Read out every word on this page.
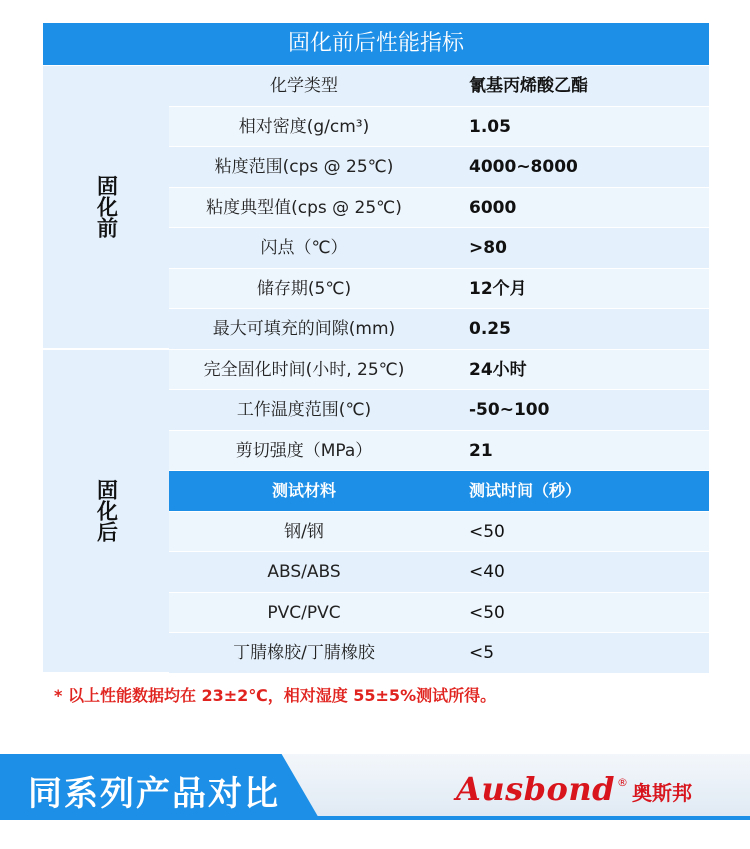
固化前后性能指标
固化前
化学类型	氰基丙烯酸乙酯
相对密度(g/cm³)	1.05
粘度范围(cps @ 25℃)	4000~8000
粘度典型值(cps @ 25℃)	6000
闪点（℃）	>80
储存期(5℃)	12个月
最大可填充的间隙(mm)	0.25
固化后
完全固化时间(小时, 25℃)	24小时
工作温度范围(℃)	-50~100
剪切强度（MPa）	21
测试材料	测试时间（秒）
钢/钢	<50
ABS/ABS	<40
PVC/PVC	<50
丁腈橡胶/丁腈橡胶	<5
* 以上性能数据均在 23±2℃，相对湿度 55±5%测试所得。
同系列产品对比	Ausbond ® 奥斯邦
